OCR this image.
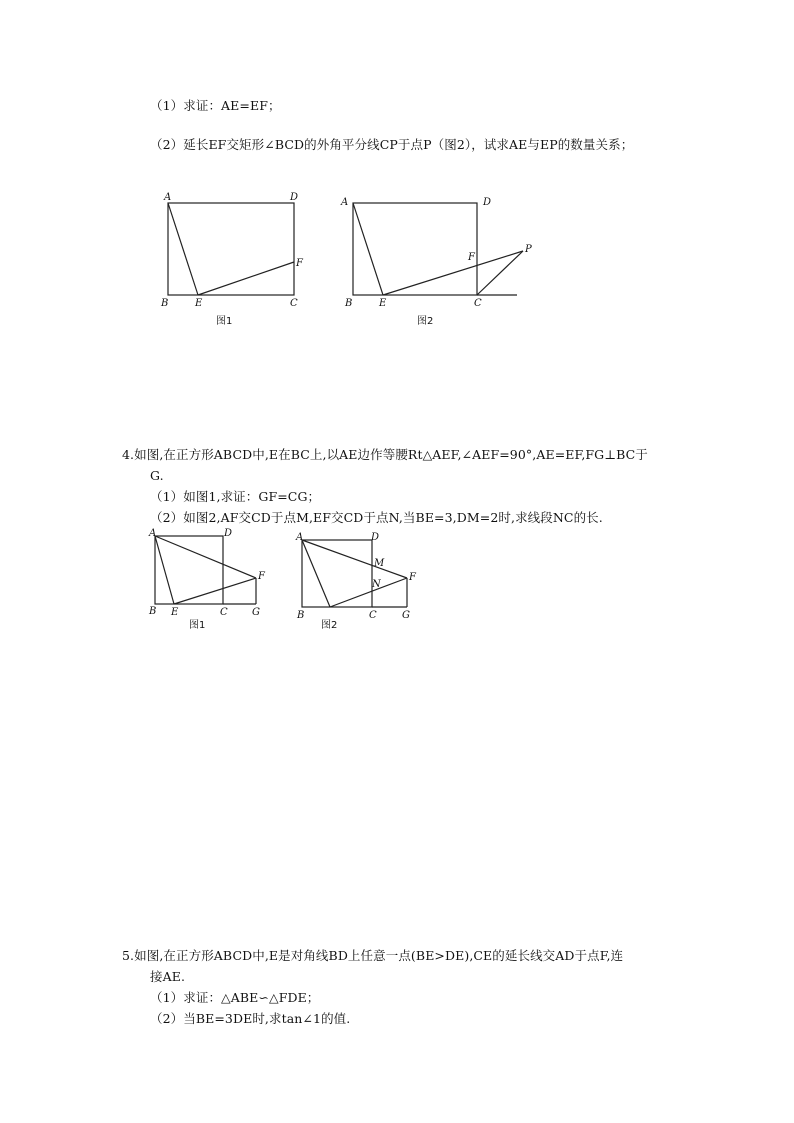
（1）求证：AE=EF；
（2）延长EF交矩形∠BCD的外角平分线CP于点P（图2），试求AE与EP的数量关系；
A	D
B	E	C
F
图1
A	D
B	E	C
F
P
图2
4.如图,在正方形ABCD中,E在BC上,以AE边作等腰Rt△AEF,∠AEF=90°,AE=EF,FG⊥BC于
G.
（1）如图1,求证：GF=CG；
（2）如图2,AF交CD于点M,EF交CD于点N,当BE=3,DM=2时,求线段NC的长.
A	D
B E	C G
F
图1
A	D
M
N
F
B	C	G
图2
5.如图,在正方形ABCD中,E是对角线BD上任意一点(BE>DE),CE的延长线交AD于点F,连
接AE.
（1）求证：△ABE∽△FDE；
（2）当BE=3DE时,求tan∠1的值.
